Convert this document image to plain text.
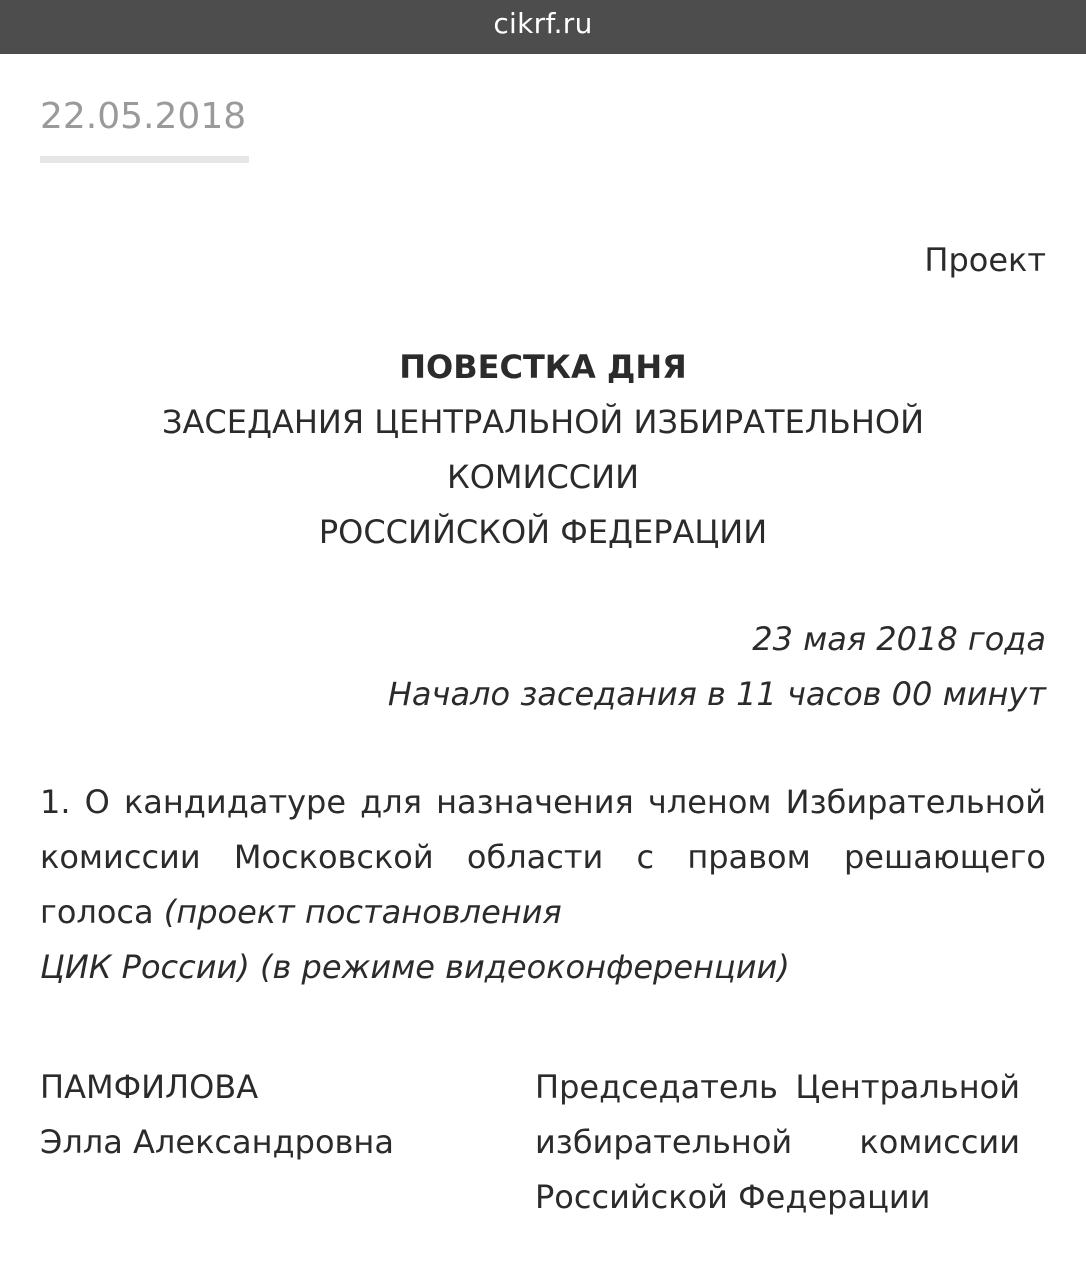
cikrf.ru
22.05.2018
Проект
ПОВЕСТКА ДНЯ
ЗАСЕДАНИЯ ЦЕНТРАЛЬНОЙ ИЗБИРАТЕЛЬНОЙ
КОМИССИИ
РОССИЙСКОЙ ФЕДЕРАЦИИ
23 мая 2018 года
Начало заседания в 11 часов 00 минут
1. О кандидатуре для назначения членом Избирательной
комиссии Московской области с правом решающего
голоса (проект постановления
ЦИК России) (в режиме видеоконференции)
ПАМФИЛОВА
Элла Александровна
Председатель Центральной
избирательной комиссии
Российской Федерации
